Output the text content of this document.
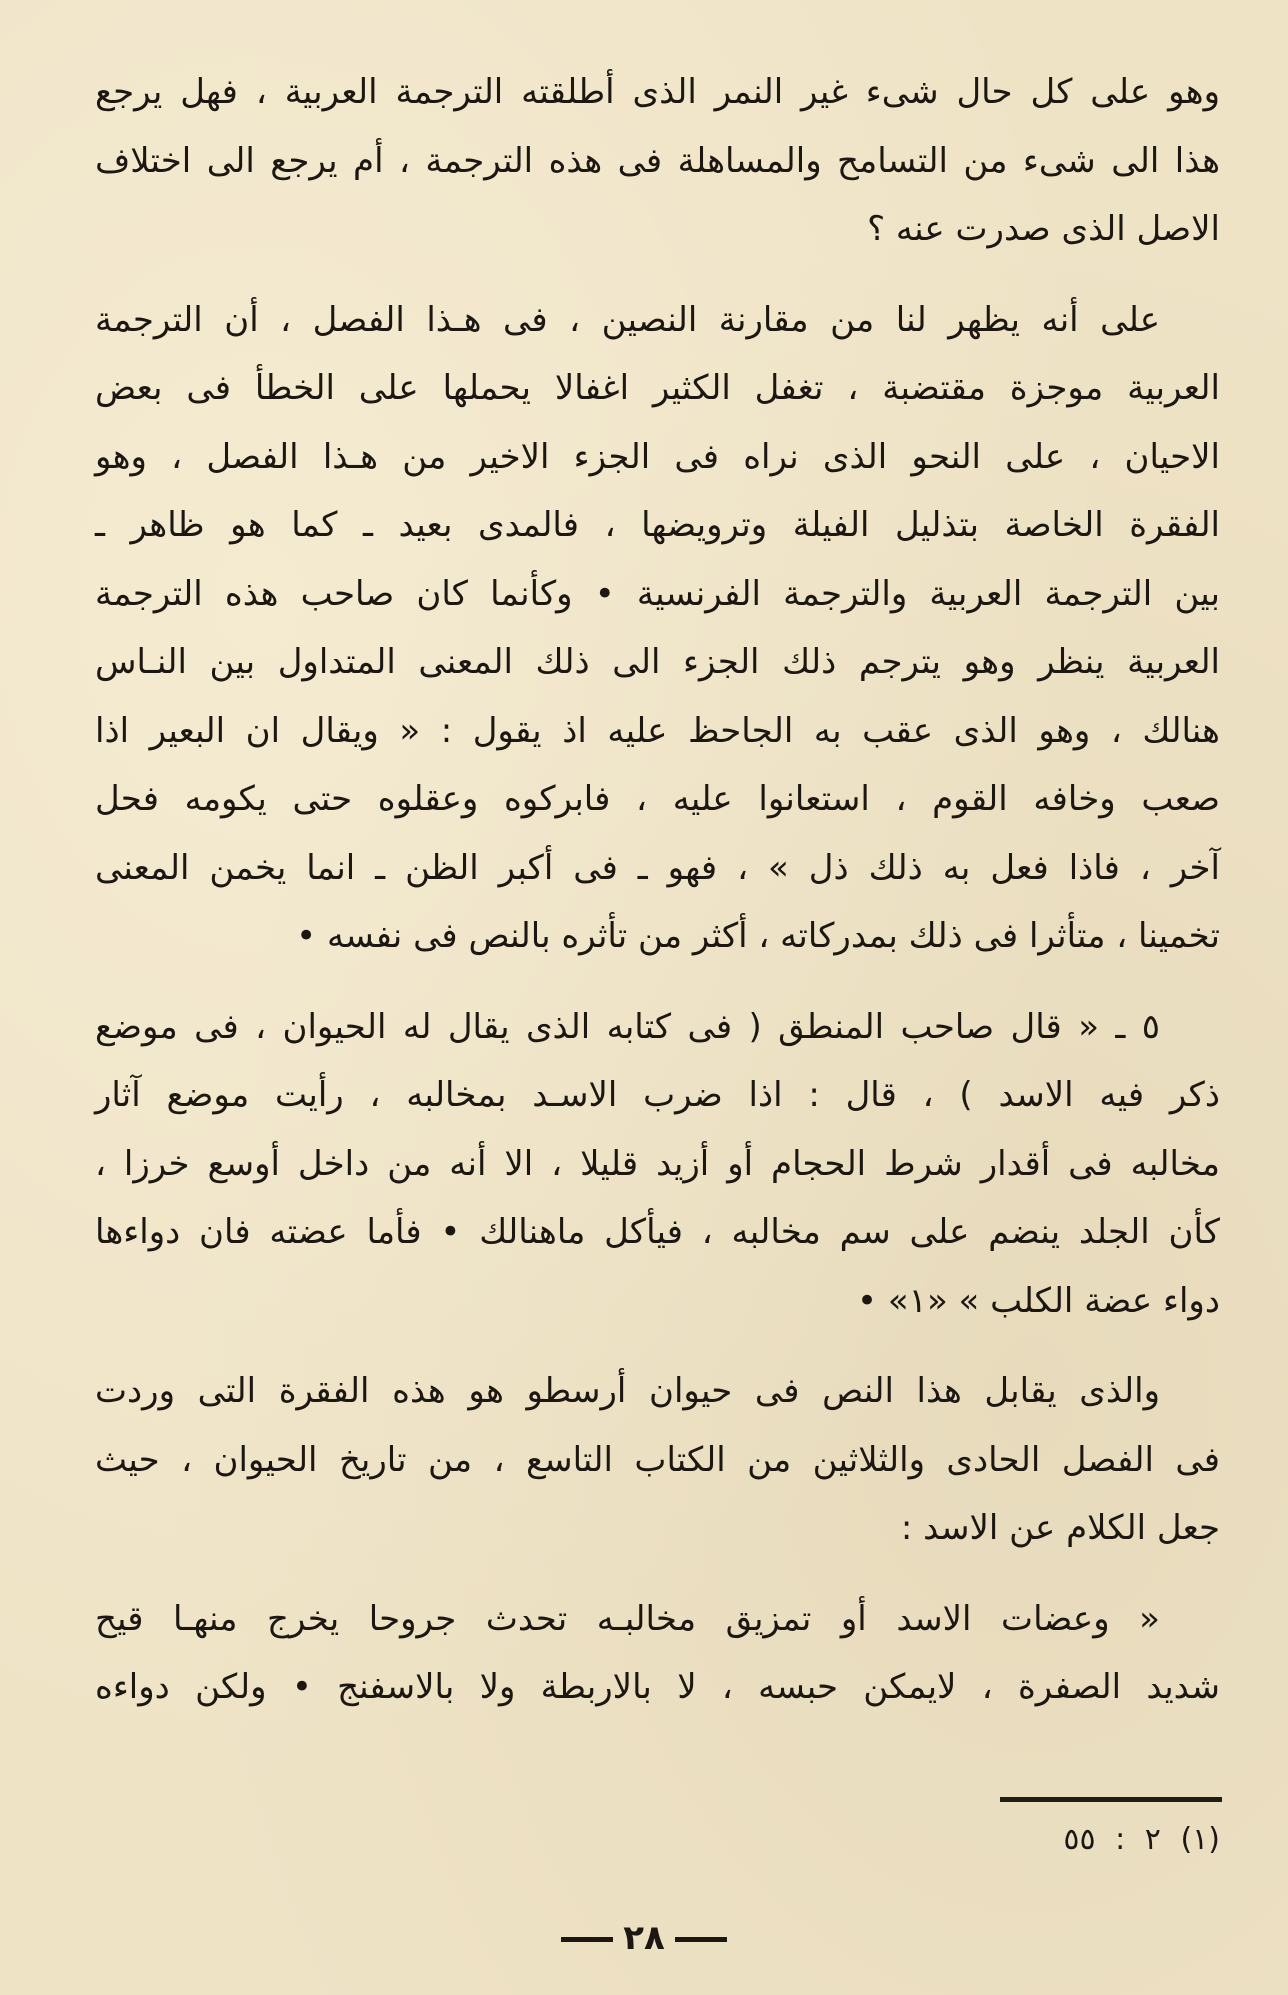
وهو على كل حال شىء غير النمر الذى أطلقته الترجمة العربية ، فهل يرجع
هذا الى شىء من التسامح والمساهلة فى هذه الترجمة ، أم يرجع الى اختلاف
الاصل الذى صدرت عنه ؟
على أنه يظهر لنا من مقارنة النصين ، فى هـذا الفصل ، أن الترجمة
العربية موجزة مقتضبة ، تغفل الكثير اغفالا يحملها على الخطأ فى بعض
الاحيان ، على النحو الذى نراه فى الجزء الاخير من هـذا الفصل ، وهو
الفقرة الخاصة بتذليل الفيلة وترويضها ، فالمدى بعيد ـ كما هو ظاهر ـ
بين الترجمة العربية والترجمة الفرنسية • وكأنما كان صاحب هذه الترجمة
العربية ينظر وهو يترجم ذلك الجزء الى ذلك المعنى المتداول بين النـاس
هنالك ، وهو الذى عقب به الجاحظ عليه اذ يقول : « ويقال ان البعير اذا
صعب وخافه القوم ، استعانوا عليه ، فابركوه وعقلوه حتى يكومه فحل
آخر ، فاذا فعل به ذلك ذل » ، فهو ـ فى أكبر الظن ـ انما يخمن المعنى
تخمينا ، متأثرا فى ذلك بمدركاته ، أكثر من تأثره بالنص فى نفسه •
٥ ـ « قال صاحب المنطق ( فى كتابه الذى يقال له الحيوان ، فى موضع
ذكر فيه الاسد ) ، قال : اذا ضرب الاسـد بمخالبه ، رأيت موضع آثار
مخالبه فى أقدار شرط الحجام أو أزيد قليلا ، الا أنه من داخل أوسع خرزا ،
كأن الجلد ينضم على سم مخالبه ، فيأكل ماهنالك • فأما عضته فان دواءها
دواء عضة الكلب » «١» •
والذى يقابل هذا النص فى حيوان أرسطو هو هذه الفقرة التى وردت
فى الفصل الحادى والثلاثين من الكتاب التاسع ، من تاريخ الحيوان ، حيث
جعل الكلام عن الاسد :
« وعضات الاسد أو تمزيق مخالبـه تحدث جروحا يخرج منهـا قيح
شديد الصفرة ، لايمكن حبسه ، لا بالاربطة ولا بالاسفنج • ولكن دواءه
(١) ٢ : ٥٥
٢٨
